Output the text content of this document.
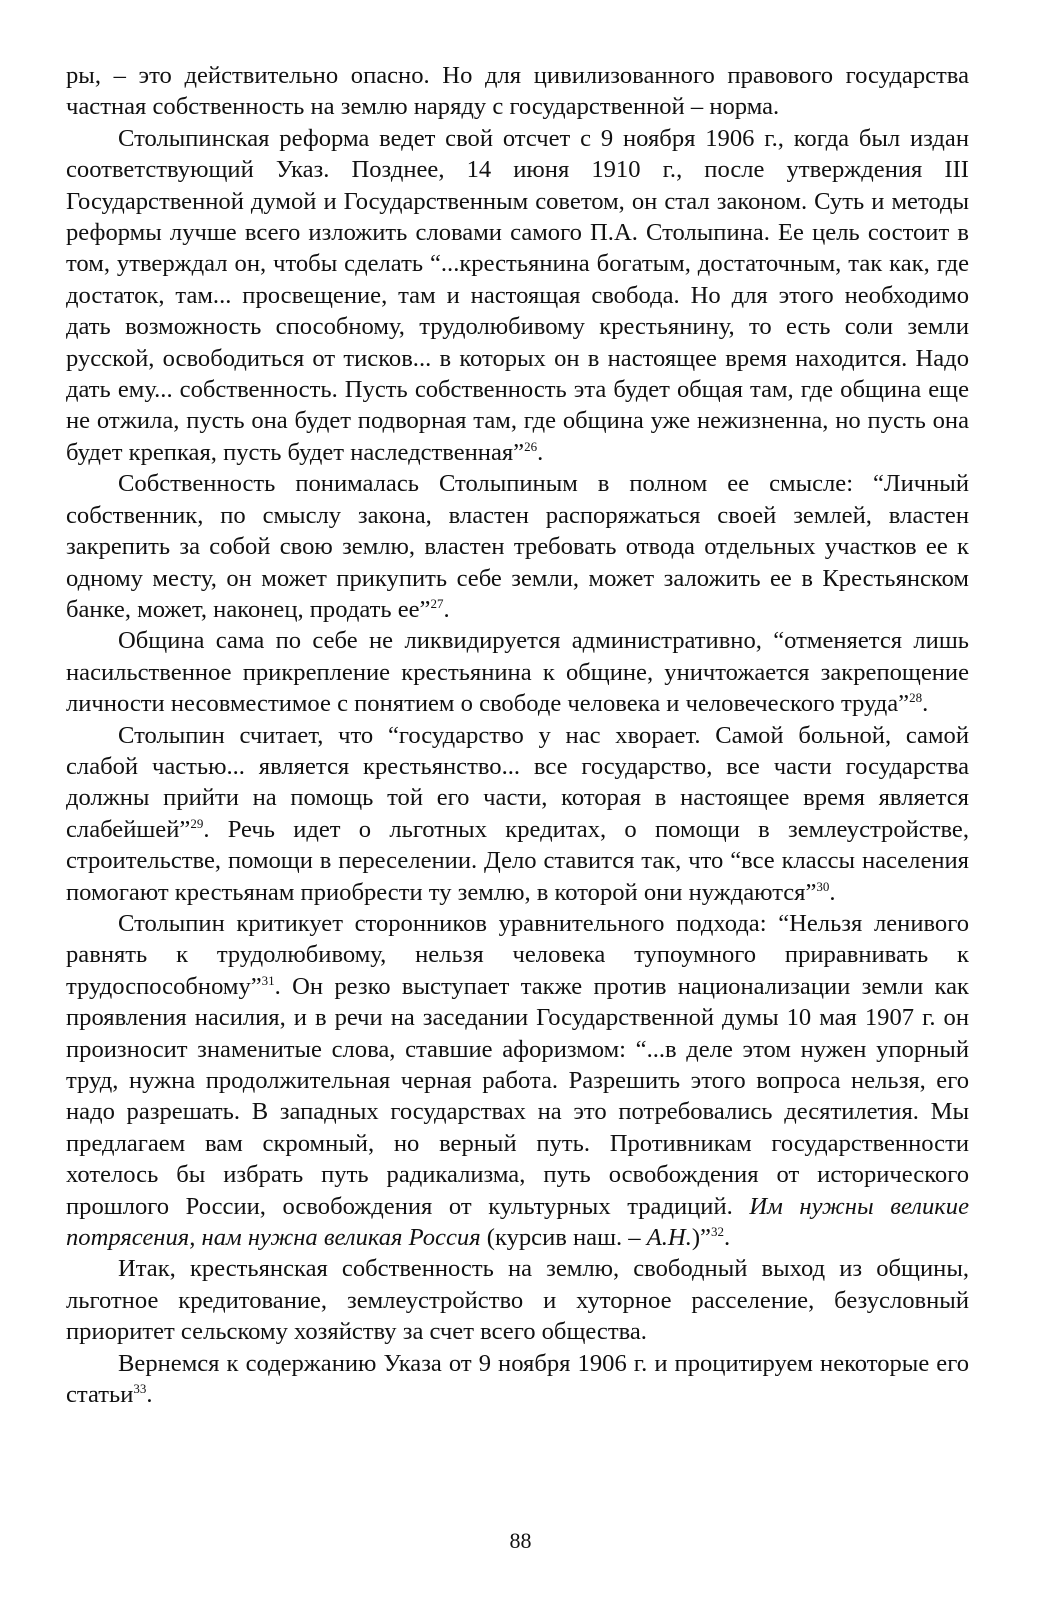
ры, – это действительно опасно. Но для цивилизованного правового государства частная собственность на землю наряду с государственной – норма.

Столыпинская реформа ведет свой отсчет с 9 ноября 1906 г., когда был издан соответствующий Указ. Позднее, 14 июня 1910 г., после утверждения III Государственной думой и Государственным советом, он стал законом. Суть и методы реформы лучше всего изложить словами самого П.А. Столыпина. Ее цель состоит в том, утверждал он, чтобы сделать “...крестьянина богатым, достаточным, так как, где достаток, там... просвещение, там и настоящая свобода. Но для этого необходимо дать возможность способному, трудолюбивому крестьянину, то есть соли земли русской, освободиться от тисков... в которых он в настоящее время находится. Надо дать ему... собственность. Пусть собственность эта будет общая там, где община еще не отжила, пусть она будет подворная там, где община уже нежизненна, но пусть она будет крепкая, пусть будет наследственная”$^{26}$.

Собственность понималась Столыпиным в полном ее смысле: “Личный собственник, по смыслу закона, властен распоряжаться своей землей, властен закрепить за собой свою землю, властен требовать отвода отдельных участков ее к одному месту, он может прикупить себе земли, может заложить ее в Крестьянском банке, может, наконец, продать ее”$^{27}$.

Община сама по себе не ликвидируется административно, “отменяется лишь насильственное прикрепление крестьянина к общине, уничтожается закрепощение личности несовместимое с понятием о свободе человека и человеческого труда”$^{28}$.

Столыпин считает, что “государство у нас хворает. Самой больной, самой слабой частью... является крестьянство... все государство, все части государства должны прийти на помощь той его части, которая в настоящее время является слабейшей”$^{29}$. Речь идет о льготных кредитах, о помощи в землеустройстве, строительстве, помощи в переселении. Дело ставится так, что “все классы населения помогают крестьянам приобрести ту землю, в которой они нуждаются”$^{30}$.

Столыпин критикует сторонников уравнительного подхода: “Нельзя ленивого равнять к трудолюбивому, нельзя человека тупоумного приравнивать к трудоспособному”$^{31}$. Он резко выступает также против национализации земли как проявления насилия, и в речи на заседании Государственной думы 10 мая 1907 г. он произносит знаменитые слова, ставшие афоризмом: “...в деле этом нужен упорный труд, нужна продолжительная черная работа. Разрешить этого вопроса нельзя, его надо разрешать. В западных государствах на это потребовались десятилетия. Мы предлагаем вам скромный, но верный путь. Противникам государственности хотелось бы избрать путь радикализма, путь освобождения от исторического прошлого России, освобождения от культурных традиций. Им нужны великие потрясения, нам нужна великая Россия (курсив наш. – А.Н.)”$^{32}$.

Итак, крестьянская собственность на землю, свободный выход из общины, льготное кредитование, землеустройство и хуторное расселение, безусловный приоритет сельскому хозяйству за счет всего общества.

Вернемся к содержанию Указа от 9 ноября 1906 г. и процитируем некоторые его статьи$^{33}$.

88
